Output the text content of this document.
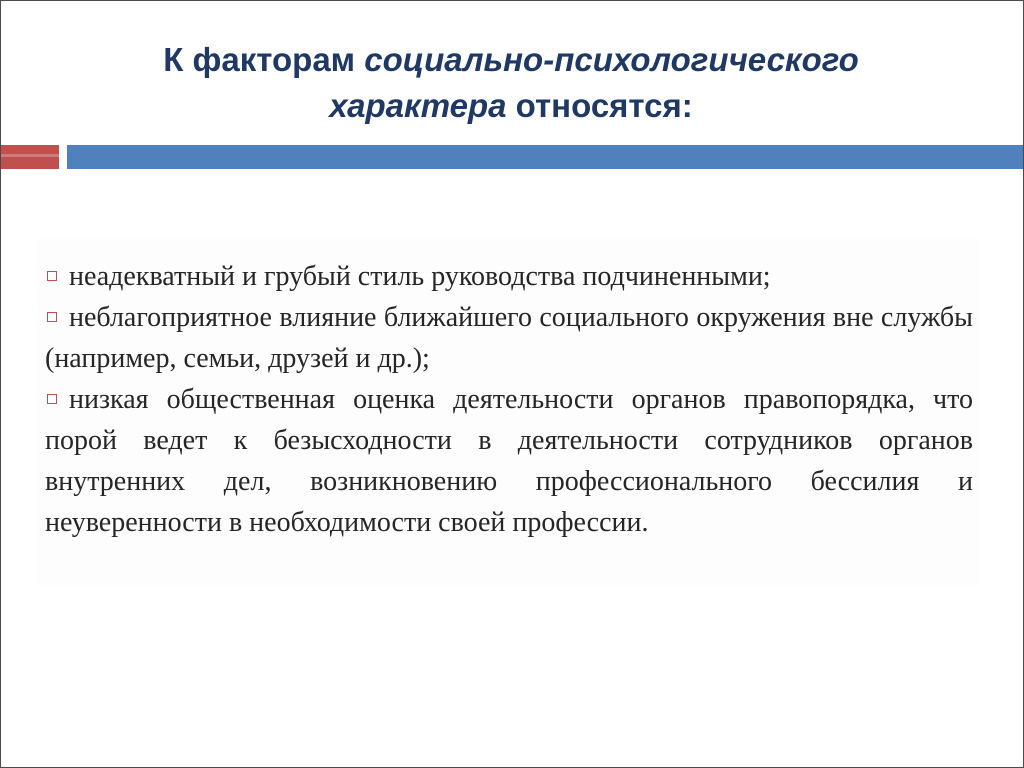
К факторам социально-психологического
характера относятся:

неадекватный и грубый стиль руководства подчиненными;

неблагоприятное влияние ближайшего социального окружения вне службы (например, семьи, друзей и др.);

низкая общественная оценка деятельности органов правопорядка, что порой ведет к безысходности в деятельности сотрудников органов внутренних дел, возникновению профессионального бессилия и неуверенности в необходимости своей профессии.
